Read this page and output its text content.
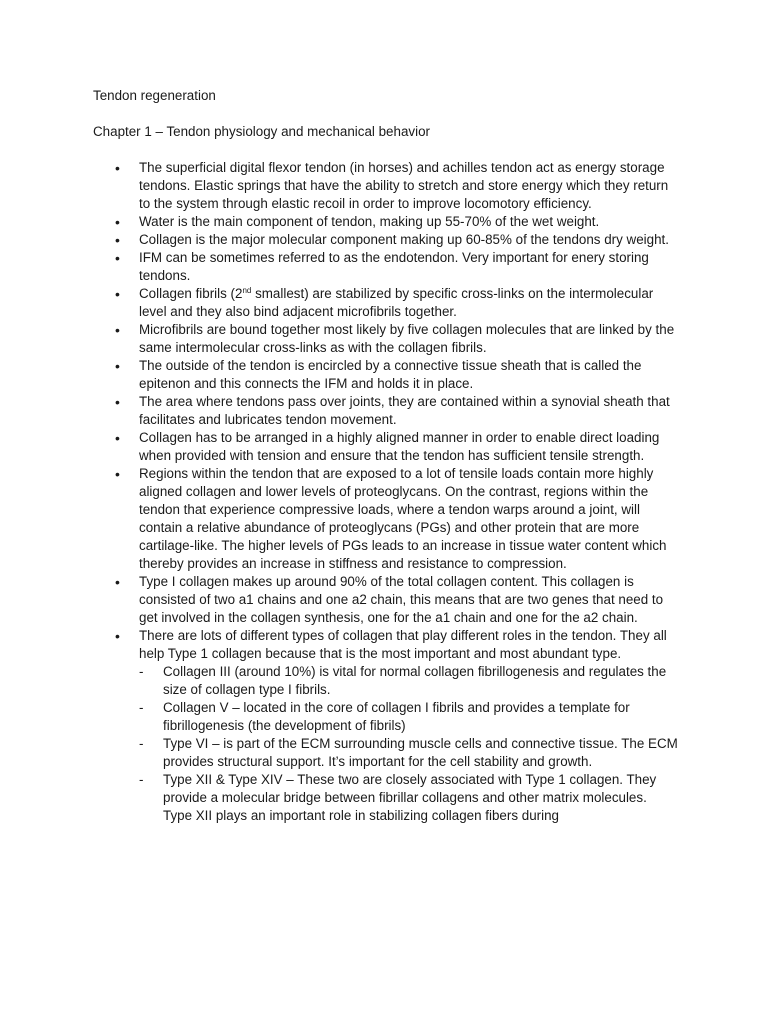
Tendon regeneration

Chapter 1 – Tendon physiology and mechanical behavior

• The superficial digital flexor tendon (in horses) and achilles tendon act as energy storage tendons. Elastic springs that have the ability to stretch and store energy which they return to the system through elastic recoil in order to improve locomotory efficiency.
• Water is the main component of tendon, making up 55-70% of the wet weight.
• Collagen is the major molecular component making up 60-85% of the tendons dry weight.
• IFM can be sometimes referred to as the endotendon. Very important for enery storing tendons.
• Collagen fibrils (2nd smallest) are stabilized by specific cross-links on the intermolecular level and they also bind adjacent microfibrils together.
• Microfibrils are bound together most likely by five collagen molecules that are linked by the same intermolecular cross-links as with the collagen fibrils.
• The outside of the tendon is encircled by a connective tissue sheath that is called the epitenon and this connects the IFM and holds it in place.
• The area where tendons pass over joints, they are contained within a synovial sheath that facilitates and lubricates tendon movement.
• Collagen has to be arranged in a highly aligned manner in order to enable direct loading when provided with tension and ensure that the tendon has sufficient tensile strength.
• Regions within the tendon that are exposed to a lot of tensile loads contain more highly aligned collagen and lower levels of proteoglycans. On the contrast, regions within the tendon that experience compressive loads, where a tendon warps around a joint, will contain a relative abundance of proteoglycans (PGs) and other protein that are more cartilage-like. The higher levels of PGs leads to an increase in tissue water content which thereby provides an increase in stiffness and resistance to compression.
• Type I collagen makes up around 90% of the total collagen content. This collagen is consisted of two a1 chains and one a2 chain, this means that are two genes that need to get involved in the collagen synthesis, one for the a1 chain and one for the a2 chain.
• There are lots of different types of collagen that play different roles in the tendon. They all help Type 1 collagen because that is the most important and most abundant type.
- Collagen III (around 10%) is vital for normal collagen fibrillogenesis and regulates the size of collagen type I fibrils.
- Collagen V – located in the core of collagen I fibrils and provides a template for fibrillogenesis (the development of fibrils)
- Type VI – is part of the ECM surrounding muscle cells and connective tissue. The ECM provides structural support. It’s important for the cell stability and growth.
- Type XII & Type XIV – These two are closely associated with Type 1 collagen. They provide a molecular bridge between fibrillar collagens and other matrix molecules. Type XII plays an important role in stabilizing collagen fibers during
